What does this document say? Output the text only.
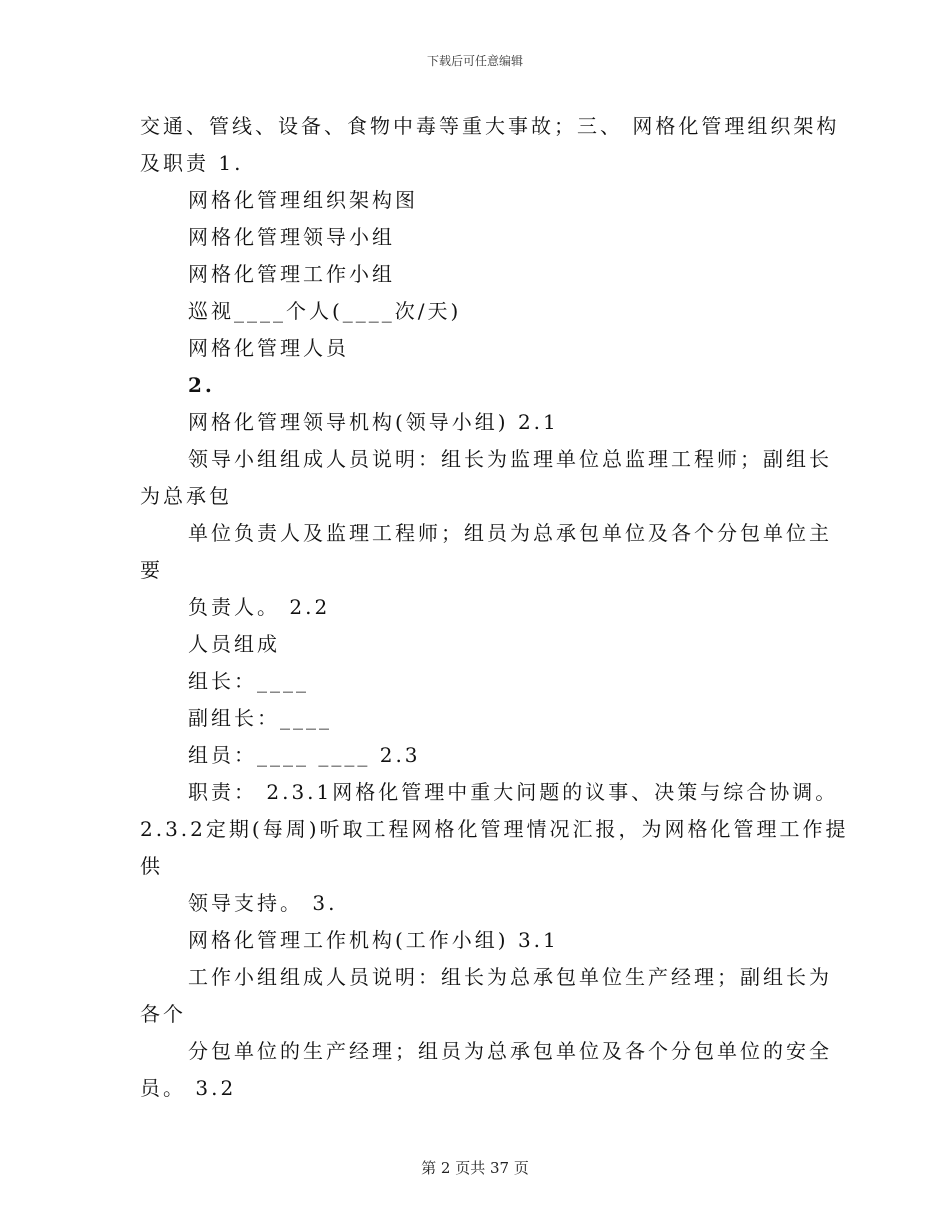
下载后可任意编辑
交通、管线、设备、食物中毒等重大事故；三、 网格化管理组织架构
及职责 1.
网格化管理组织架构图
网格化管理领导小组
网格化管理工作小组
巡视____个人(____次/天)
网格化管理人员
2.
网格化管理领导机构(领导小组) 2.1
领导小组组成人员说明：组长为监理单位总监理工程师；副组长
为总承包
单位负责人及监理工程师；组员为总承包单位及各个分包单位主
要
负责人。 2.2
人员组成
组长：____
副组长：____
组员：____ ____ 2.3
职责： 2.3.1网格化管理中重大问题的议事、决策与综合协调。
2.3.2定期(每周)听取工程网格化管理情况汇报，为网格化管理工作提
供
领导支持。 3.
网格化管理工作机构(工作小组) 3.1
工作小组组成人员说明：组长为总承包单位生产经理；副组长为
各个
分包单位的生产经理；组员为总承包单位及各个分包单位的安全
员。 3.2
第 2 页共 37 页
